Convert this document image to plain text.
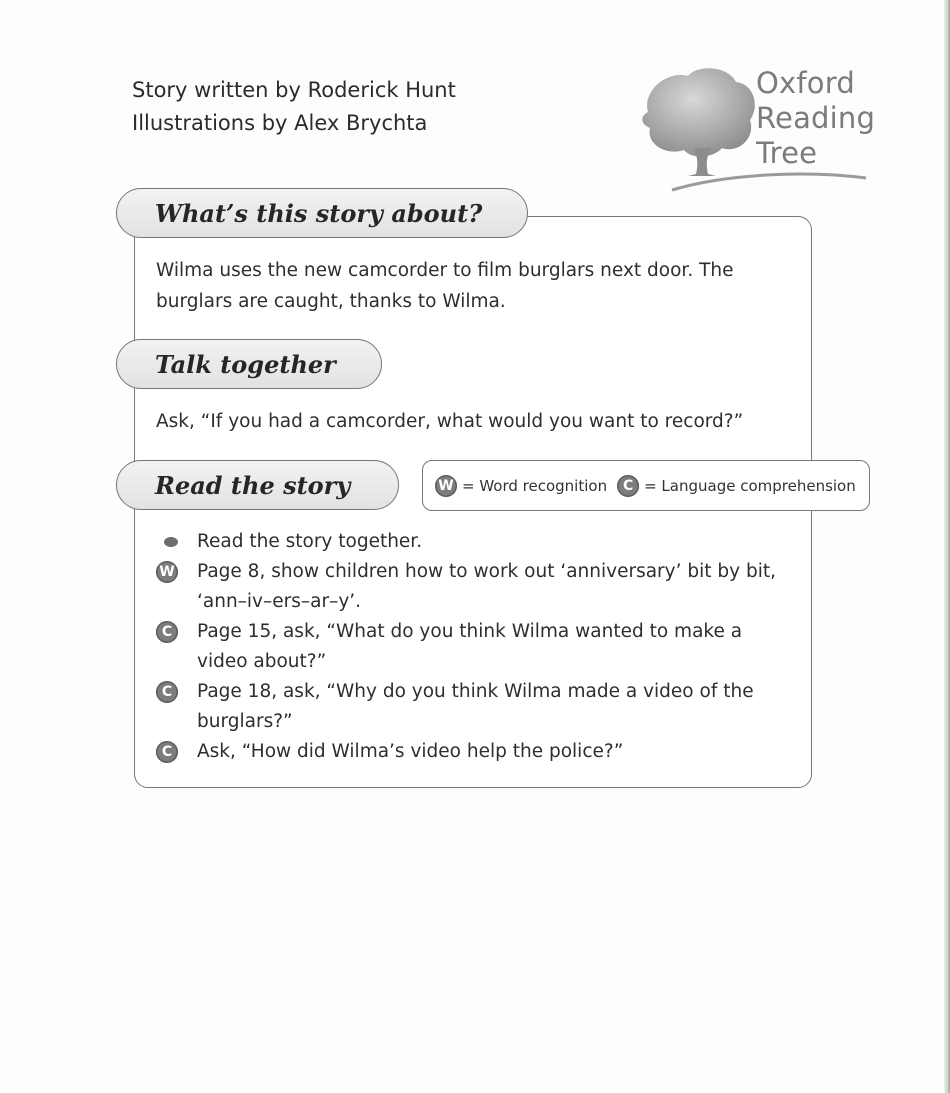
Story written by Roderick Hunt
Illustrations by Alex Brychta
Oxford
Reading
Tree
What’s this story about?
Wilma uses the new camcorder to film burglars next door. The burglars are caught, thanks to Wilma.
Talk together
Ask, “If you had a camcorder, what would you want to record?”
Read the story	W = Word recognition	C = Language comprehension
Read the story together.
W Page 8, show children how to work out ‘anniversary’ bit by bit, ‘ann–iv–ers–ar–y’.
C	Page 15, ask, “What do you think Wilma wanted to make a video about?”
C	Page 18, ask, “Why do you think Wilma made a video of the burglars?”
C	Ask, “How did Wilma’s video help the police?”
